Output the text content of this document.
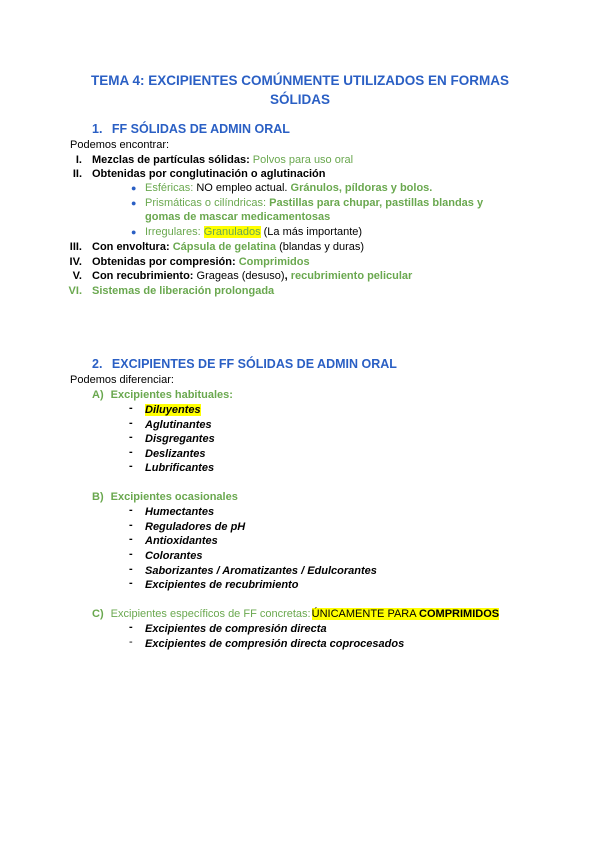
TEMA 4: EXCIPIENTES COMÚNMENTE UTILIZADOS EN FORMAS SÓLIDAS
1. FF SÓLIDAS DE ADMIN ORAL
Podemos encontrar:
I. Mezclas de partículas sólidas: Polvos para uso oral
II. Obtenidas por conglutinación o aglutinación
● Esféricas: NO empleo actual. Gránulos, píldoras y bolos.
● Prismáticas o cilíndricas: Pastillas para chupar, pastillas blandas y
gomas de mascar medicamentosas
● Irregulares: Granulados (La más importante)
III. Con envoltura: Cápsula de gelatina (blandas y duras)
IV. Obtenidas por compresión: Comprimidos
V. Con recubrimiento: Grageas (desuso), recubrimiento pelicular
VI. Sistemas de liberación prolongada
2. EXCIPIENTES DE FF SÓLIDAS DE ADMIN ORAL
Podemos diferenciar:
A) Excipientes habituales:
- Diluyentes
- Aglutinantes
- Disgregantes
- Deslizantes
- Lubrificantes
B) Excipientes ocasionales
- Humectantes
- Reguladores de pH
- Antioxidantes
- Colorantes
- Saborizantes / Aromatizantes / Edulcorantes
- Excipientes de recubrimiento
C) Excipientes específicos de FF concretas: ÚNICAMENTE PARA COMPRIMIDOS
- Excipientes de compresión directa
- Excipientes de compresión directa coprocesados
